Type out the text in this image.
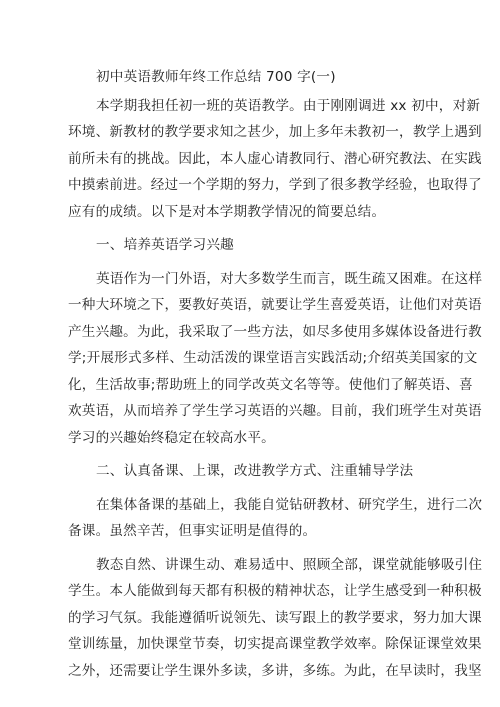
初中英语教师年终工作总结 700 字(一)
本学期我担任初一班的英语教学。由于刚刚调进 xx 初中，对新
环境、新教材的教学要求知之甚少，加上多年未教初一，教学上遇到
前所未有的挑战。因此，本人虚心请教同行、潜心研究教法、在实践
中摸索前进。经过一个学期的努力，学到了很多教学经验，也取得了
应有的成绩。以下是对本学期教学情况的简要总结。
一、培养英语学习兴趣
英语作为一门外语，对大多数学生而言，既生疏又困难。在这样
一种大环境之下，要教好英语，就要让学生喜爱英语，让他们对英语
产生兴趣。为此，我采取了一些方法，如尽多使用多媒体设备进行教
学;开展形式多样、生动活泼的课堂语言实践活动;介绍英美国家的文
化，生活故事;帮助班上的同学改英文名等等。使他们了解英语、喜
欢英语，从而培养了学生学习英语的兴趣。目前，我们班学生对英语
学习的兴趣始终稳定在较高水平。
二、认真备课、上课，改进教学方式、注重辅导学法
在集体备课的基础上，我能自觉钻研教材、研究学生，进行二次
备课。虽然辛苦，但事实证明是值得的。
教态自然、讲课生动、难易适中、照顾全部，课堂就能够吸引住
学生。本人能做到每天都有积极的精神状态，让学生感受到一种积极
的学习气氛。我能遵循听说领先、读写跟上的教学要求，努力加大课
堂训练量，加快课堂节奏，切实提高课堂教学效率。除保证课堂效果
之外，还需要让学生课外多读，多讲，多练。为此，在早读时，我坚
